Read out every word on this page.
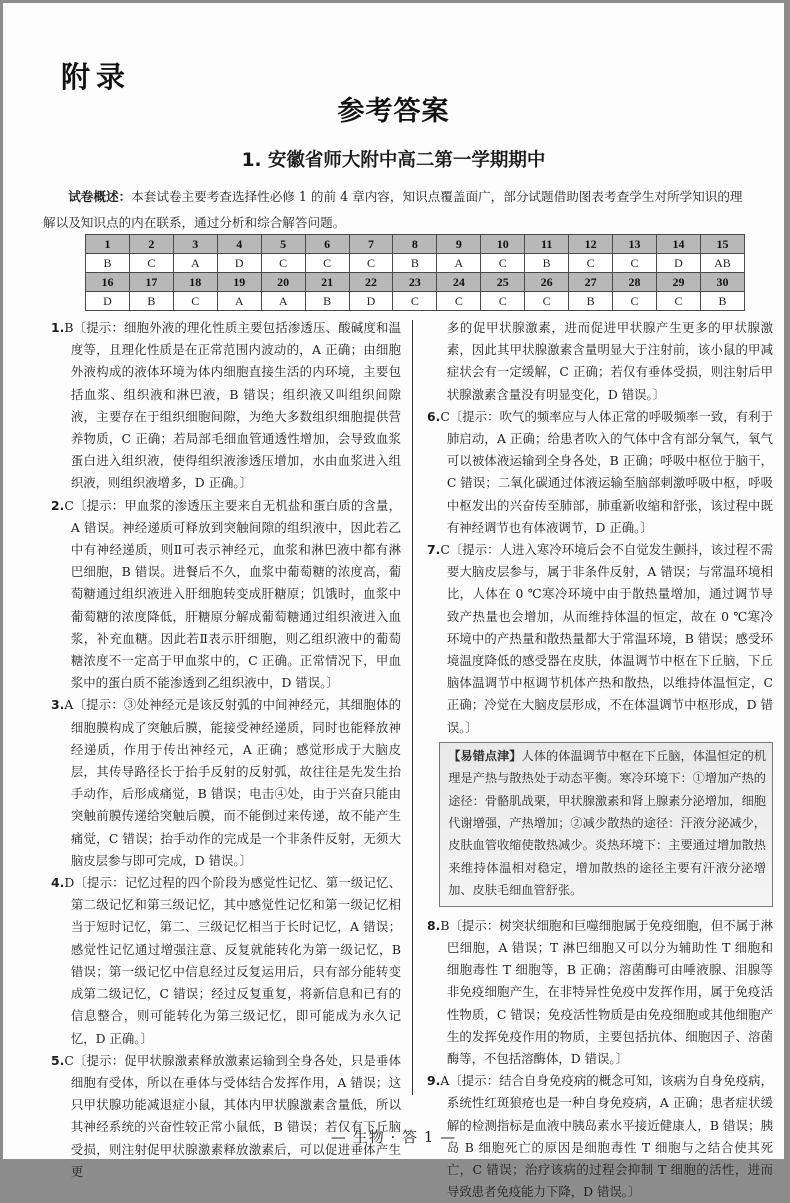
附录
参考答案
1. 安徽省师大附中高二第一学期期中
试卷概述：本套试卷主要考查选择性必修 1 的前 4 章内容，知识点覆盖面广，部分试题借助图表考查学生对所学知识的理解以及知识点的内在联系，通过分析和综合解答问题。
1	2	3	4	5	6	7	8	9	10	11	12	13	14	15
B	C	A	D	C	C	C	B	A	C	B	C	C	D	AB
16	17	18	19	20	21	22	23	24	25	26	27	28	29	30
D	B	C	A	A	B	D	C	C	C	C	B	C	C	B
1.B〔提示：细胞外液的理化性质主要包括渗透压、酸碱度和温度等，且理化性质是在正常范围内波动的，A 正确；由细胞外液构成的液体环境为体内细胞直接生活的内环境，主要包括血浆、组织液和淋巴液，B 错误；组织液又叫组织间隙液，主要存在于组织细胞间隙，为绝大多数组织细胞提供营养物质，C 正确；若局部毛细血管通透性增加，会导致血浆蛋白进入组织液，使得组织液渗透压增加，水由血浆进入组织液，则组织液增多，D 正确。〕
2.C〔提示：甲血浆的渗透压主要来自无机盐和蛋白质的含量，A 错误。神经递质可释放到突触间隙的组织液中，因此若乙中有神经递质，则Ⅱ可表示神经元，血浆和淋巴液中都有淋巴细胞，B 错误。进餐后不久，血浆中葡萄糖的浓度高，葡萄糖通过组织液进入肝细胞转变成肝糖原；饥饿时，血浆中葡萄糖的浓度降低，肝糖原分解成葡萄糖通过组织液进入血浆，补充血糖。因此若Ⅱ表示肝细胞，则乙组织液中的葡萄糖浓度不一定高于甲血浆中的，C 正确。正常情况下，甲血浆中的蛋白质不能渗透到乙组织液中，D 错误。〕
3.A〔提示：③处神经元是该反射弧的中间神经元，其细胞体的细胞膜构成了突触后膜，能接受神经递质，同时也能释放神经递质，作用于传出神经元，A 正确；感觉形成于大脑皮层，其传导路径长于抬手反射的反射弧，故往往是先发生抬手动作，后形成痛觉，B 错误；电击④处，由于兴奋只能由突触前膜传递给突触后膜，而不能倒过来传递，故不能产生痛觉，C 错误；抬手动作的完成是一个非条件反射，无须大脑皮层参与即可完成，D 错误。〕
4.D〔提示：记忆过程的四个阶段为感觉性记忆、第一级记忆、第二级记忆和第三级记忆，其中感觉性记忆和第一级记忆相当于短时记忆，第二、三级记忆相当于长时记忆，A 错误；感觉性记忆通过增强注意、反复就能转化为第一级记忆，B 错误；第一级记忆中信息经过反复运用后，只有部分能转变成第二级记忆，C 错误；经过反复重复，将新信息和已有的信息整合，则可能转化为第三级记忆，即可能成为永久记忆，D 正确。〕
5.C〔提示：促甲状腺激素释放激素运输到全身各处，只是垂体细胞有受体，所以在垂体与受体结合发挥作用，A 错误；这只甲状腺功能减退症小鼠，其体内甲状腺激素含量低，所以其神经系统的兴奋性较正常小鼠低，B 错误；若仅有下丘脑受损，则注射促甲状腺激素释放激素后，可以促进垂体产生更
多的促甲状腺激素，进而促进甲状腺产生更多的甲状腺激素，因此其甲状腺激素含量明显大于注射前，该小鼠的甲减症状会有一定缓解，C 正确；若仅有垂体受损，则注射后甲状腺激素含量没有明显变化，D 错误。〕
6.C〔提示：吹气的频率应与人体正常的呼吸频率一致，有利于肺启动，A 正确；给患者吹入的气体中含有部分氧气，氧气可以被体液运输到全身各处，B 正确；呼吸中枢位于脑干，C 错误；二氧化碳通过体液运输至脑部刺激呼吸中枢，呼吸中枢发出的兴奋传至肺部，肺重新收缩和舒张，该过程中既有神经调节也有体液调节，D 正确。〕
7.C〔提示：人进入寒冷环境后会不自觉发生颤抖，该过程不需要大脑皮层参与，属于非条件反射，A 错误；与常温环境相比，人体在 0 ℃寒冷环境中由于散热量增加，通过调节导致产热量也会增加，从而维持体温的恒定，故在 0 ℃寒冷环境中的产热量和散热量都大于常温环境，B 错误；感受环境温度降低的感受器在皮肤，体温调节中枢在下丘脑，下丘脑体温调节中枢调节机体产热和散热，以维持体温恒定，C 正确；冷觉在大脑皮层形成，不在体温调节中枢形成，D 错误。〕
【易错点津】人体的体温调节中枢在下丘脑，体温恒定的机理是产热与散热处于动态平衡。寒冷环境下：①增加产热的途径：骨骼肌战栗，甲状腺激素和肾上腺素分泌增加，细胞代谢增强，产热增加；②减少散热的途径：汗液分泌减少，皮肤血管收缩使散热减少。炎热环境下：主要通过增加散热来维持体温相对稳定，增加散热的途径主要有汗液分泌增加、皮肤毛细血管舒张。
8.B〔提示：树突状细胞和巨噬细胞属于免疫细胞，但不属于淋巴细胞，A 错误；T 淋巴细胞又可以分为辅助性 T 细胞和细胞毒性 T 细胞等，B 正确；溶菌酶可由唾液腺、泪腺等非免疫细胞产生，在非特异性免疫中发挥作用，属于免疫活性物质，C 错误；免疫活性物质是由免疫细胞或其他细胞产生的发挥免疫作用的物质，主要包括抗体、细胞因子、溶菌酶等，不包括溶酶体，D 错误。〕
9.A〔提示：结合自身免疫病的概念可知，该病为自身免疫病，系统性红斑狼疮也是一种自身免疫病，A 正确；患者症状缓解的检测指标是血液中胰岛素水平接近健康人，B 错误；胰岛 B 细胞死亡的原因是细胞毒性 T 细胞与之结合使其死亡，C 错误；治疗该病的过程会抑制 T 细胞的活性，进而导致患者免疫能力下降，D 错误。〕
— 生物 · 答 1 —
